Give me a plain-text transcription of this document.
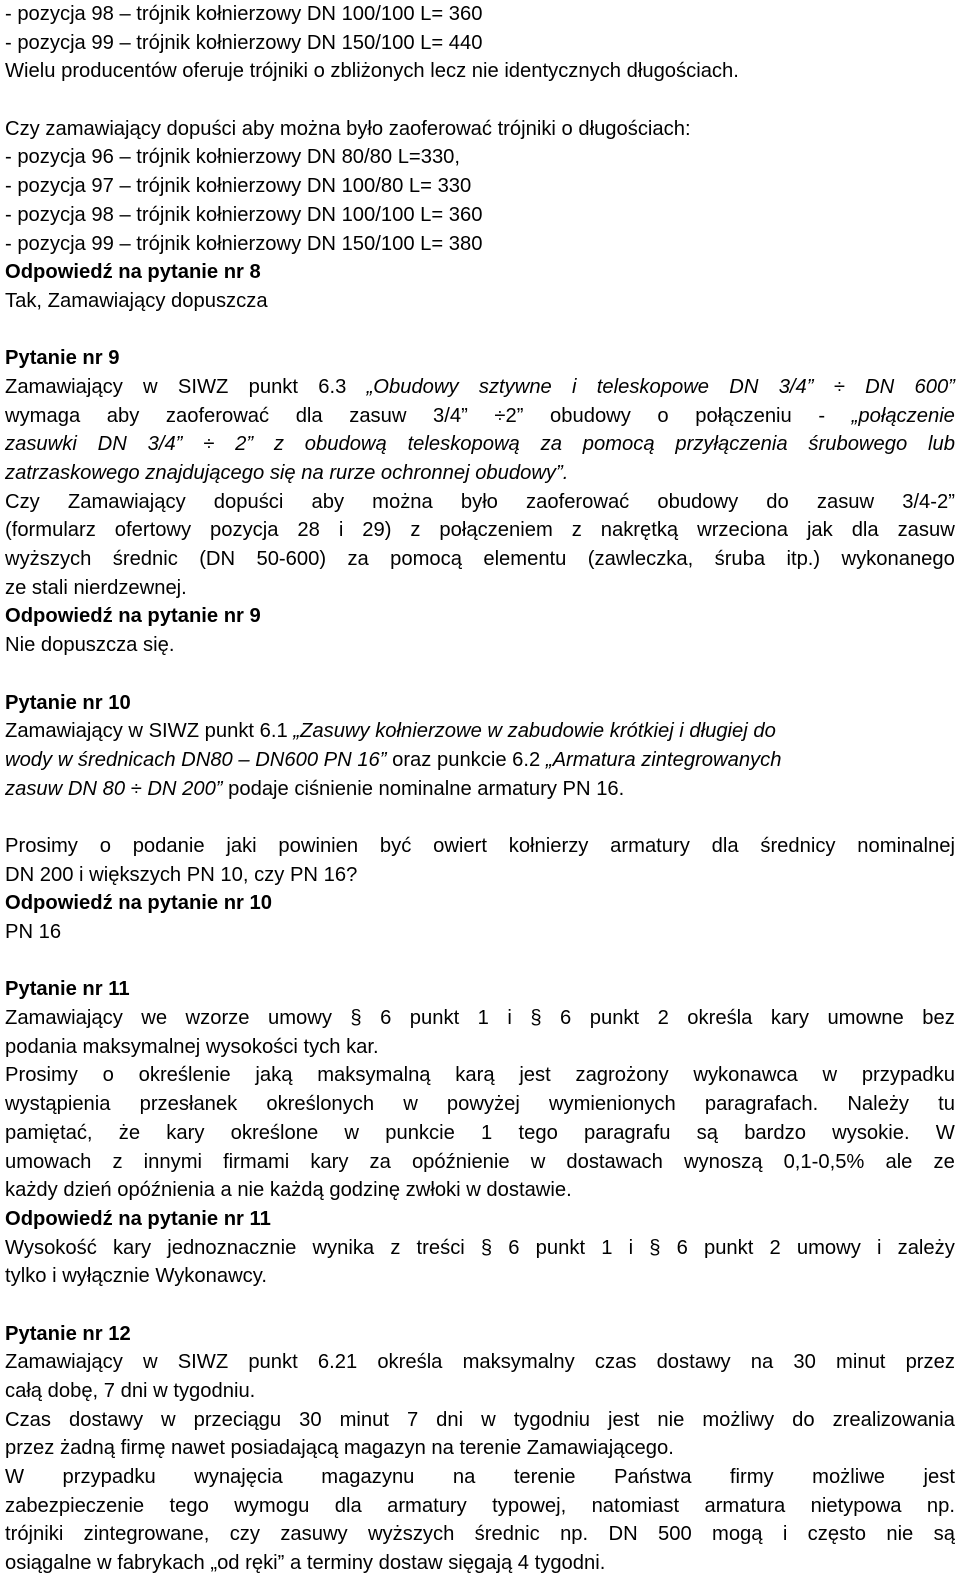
- pozycja 98 – trójnik kołnierzowy DN 100/100 L= 360
- pozycja 99 – trójnik kołnierzowy DN 150/100 L= 440
Wielu producentów oferuje trójniki o zbliżonych lecz nie identycznych długościach.
Czy zamawiający dopuści aby można było zaoferować trójniki o długościach:
- pozycja 96 – trójnik kołnierzowy DN 80/80 L=330,
- pozycja 97 – trójnik kołnierzowy DN 100/80 L= 330
- pozycja 98 – trójnik kołnierzowy DN 100/100 L= 360
- pozycja 99 – trójnik kołnierzowy DN 150/100 L= 380
Odpowiedź na pytanie nr 8
Tak, Zamawiający dopuszcza
Pytanie nr 9
Zamawiający w SIWZ punkt 6.3 „Obudowy sztywne i teleskopowe DN 3/4” ÷ DN 600”
wymaga aby zaoferować dla zasuw 3/4” ÷2” obudowy o połączeniu - „połączenie
zasuwki DN 3/4” ÷ 2” z obudową teleskopową za pomocą przyłączenia śrubowego lub
zatrzaskowego znajdującego się na rurze ochronnej obudowy”.
Czy Zamawiający dopuści aby można było zaoferować obudowy do zasuw 3/4-2”
(formularz ofertowy pozycja 28 i 29) z połączeniem z nakrętką wrzeciona jak dla zasuw
wyższych średnic (DN 50-600) za pomocą elementu (zawleczka, śruba itp.) wykonanego
ze stali nierdzewnej.
Odpowiedź na pytanie nr 9
Nie dopuszcza się.
Pytanie nr 10
Zamawiający w SIWZ punkt 6.1 „Zasuwy kołnierzowe w zabudowie krótkiej i długiej do
wody w średnicach DN80 – DN600 PN 16” oraz punkcie 6.2 „Armatura zintegrowanych
zasuw DN 80 ÷ DN 200” podaje ciśnienie nominalne armatury PN 16.
Prosimy o podanie jaki powinien być owiert kołnierzy armatury dla średnicy nominalnej
DN 200 i większych PN 10, czy PN 16?
Odpowiedź na pytanie nr 10
PN 16
Pytanie nr 11
Zamawiający we wzorze umowy § 6 punkt 1 i § 6 punkt 2 określa kary umowne bez
podania maksymalnej wysokości tych kar.
Prosimy o określenie jaką maksymalną karą jest zagrożony wykonawca w przypadku
wystąpienia przesłanek określonych w powyżej wymienionych paragrafach. Należy tu
pamiętać, że kary określone w punkcie 1 tego paragrafu są bardzo wysokie. W
umowach z innymi firmami kary za opóźnienie w dostawach wynoszą 0,1-0,5% ale ze
każdy dzień opóźnienia a nie każdą godzinę zwłoki w dostawie.
Odpowiedź na pytanie nr 11
Wysokość kary jednoznacznie wynika z treści § 6 punkt 1 i § 6 punkt 2 umowy i zależy
tylko i wyłącznie Wykonawcy.
Pytanie nr 12
Zamawiający w SIWZ punkt 6.21 określa maksymalny czas dostawy na 30 minut przez
całą dobę, 7 dni w tygodniu.
Czas dostawy w przeciągu 30 minut 7 dni w tygodniu jest nie możliwy do zrealizowania
przez żadną firmę nawet posiadającą magazyn na terenie Zamawiającego.
W przypadku wynajęcia magazynu na terenie Państwa firmy możliwe jest
zabezpieczenie tego wymogu dla armatury typowej, natomiast armatura nietypowa np.
trójniki zintegrowane, czy zasuwy wyższych średnic np. DN 500 mogą i często nie są
osiągalne w fabrykach „od ręki” a terminy dostaw sięgają 4 tygodni.
